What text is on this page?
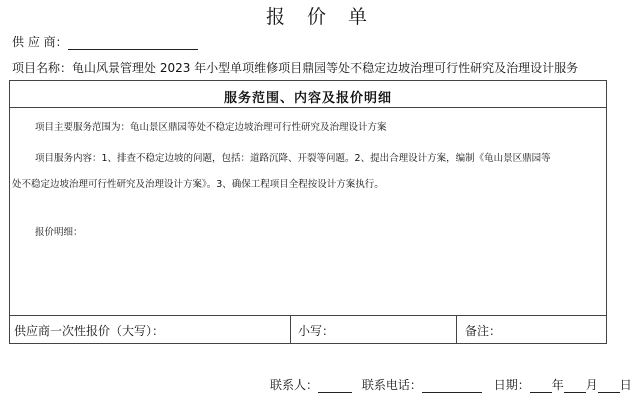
报 价 单
供 应 商：
项目名称：龟山风景管理处 2023 年小型单项维修项目鼎园等处不稳定边坡治理可行性研究及治理设计服务
服务范围、内容及报价明细
项目主要服务范围为：龟山景区鼎园等处不稳定边坡治理可行性研究及治理设计方案
项目服务内容：1、排查不稳定边坡的问题，包括：道路沉降、开裂等问题。2、提出合理设计方案，编制《龟山景区鼎园等
处不稳定边坡治理可行性研究及治理设计方案》。3、确保工程项目全程按设计方案执行。
报价明细：
供应商一次性报价（大写）：	小写：	备注：
联系人：	联系电话：	日期： 年 月 日
